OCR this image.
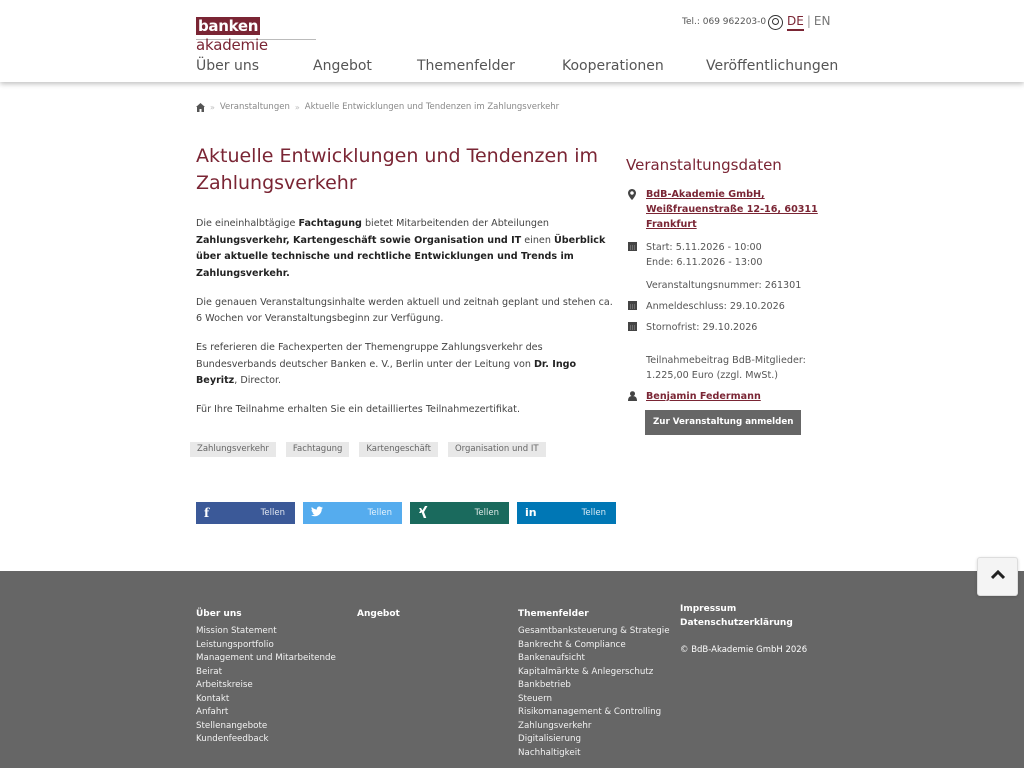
bankenakademie
Tel.: 069 962203-0 DE | EN
Über uns	Angebot	Themenfelder	Kooperationen	Veröffentlichungen
» Veranstaltungen » Aktuelle Entwicklungen und Tendenzen im Zahlungsverkehr
Aktuelle Entwicklungen und Tendenzen im Zahlungsverkehr

Die eineinhalbtägige Fachtagung bietet Mitarbeitenden der Abteilungen Zahlungsverkehr, Kartengeschäft sowie Organisation und IT einen Überblick über aktuelle technische und rechtliche Entwicklungen und Trends im Zahlungsverkehr.

Die genauen Veranstaltungsinhalte werden aktuell und zeitnah geplant und stehen ca. 6 Wochen vor Veranstaltungsbeginn zur Verfügung.

Es referieren die Fachexperten der Themengruppe Zahlungsverkehr des Bundesverbands deutscher Banken e. V., Berlin unter der Leitung von Dr. Ingo Beyritz, Director.

Für Ihre Teilnahme erhalten Sie ein detailliertes Teilnahmezertifikat.

Zahlungsverkehr	Fachtagung	Kartengeschäft	Organisation und IT
f	Tellen	Tellen	Tellen in	Tellen
Veranstaltungsdaten
BdB-Akademie GmbH, Weißfrauenstraße 12-16, 60311 Frankfurt
Start: 5.11.2026 - 10:00
Ende: 6.11.2026 - 13:00
Veranstaltungsnummer: 261301
Anmeldeschluss: 29.10.2026
Stornofrist: 29.10.2026
Teilnahmebeitrag BdB-Mitglieder:
1.225,00 Euro (zzgl. MwSt.)
Benjamin Federmann
Zur Veranstaltung anmelden
Über uns
Mission Statement
Leistungsportfolio
Management und Mitarbeitende
Beirat
Arbeitskreise
Kontakt
Anfahrt
Stellenangebote
Kundenfeedback
Angebot	Themenfelder
Gesamtbanksteuerung & Strategie
Bankrecht & Compliance
Bankenaufsicht
Kapitalmärkte & Anlegerschutz
Bankbetrieb
Steuern
Risikomanagement & Controlling
Zahlungsverkehr
Digitalisierung
Nachhaltigkeit
Impressum
Datenschutzerklärung
© BdB-Akademie GmbH 2026
